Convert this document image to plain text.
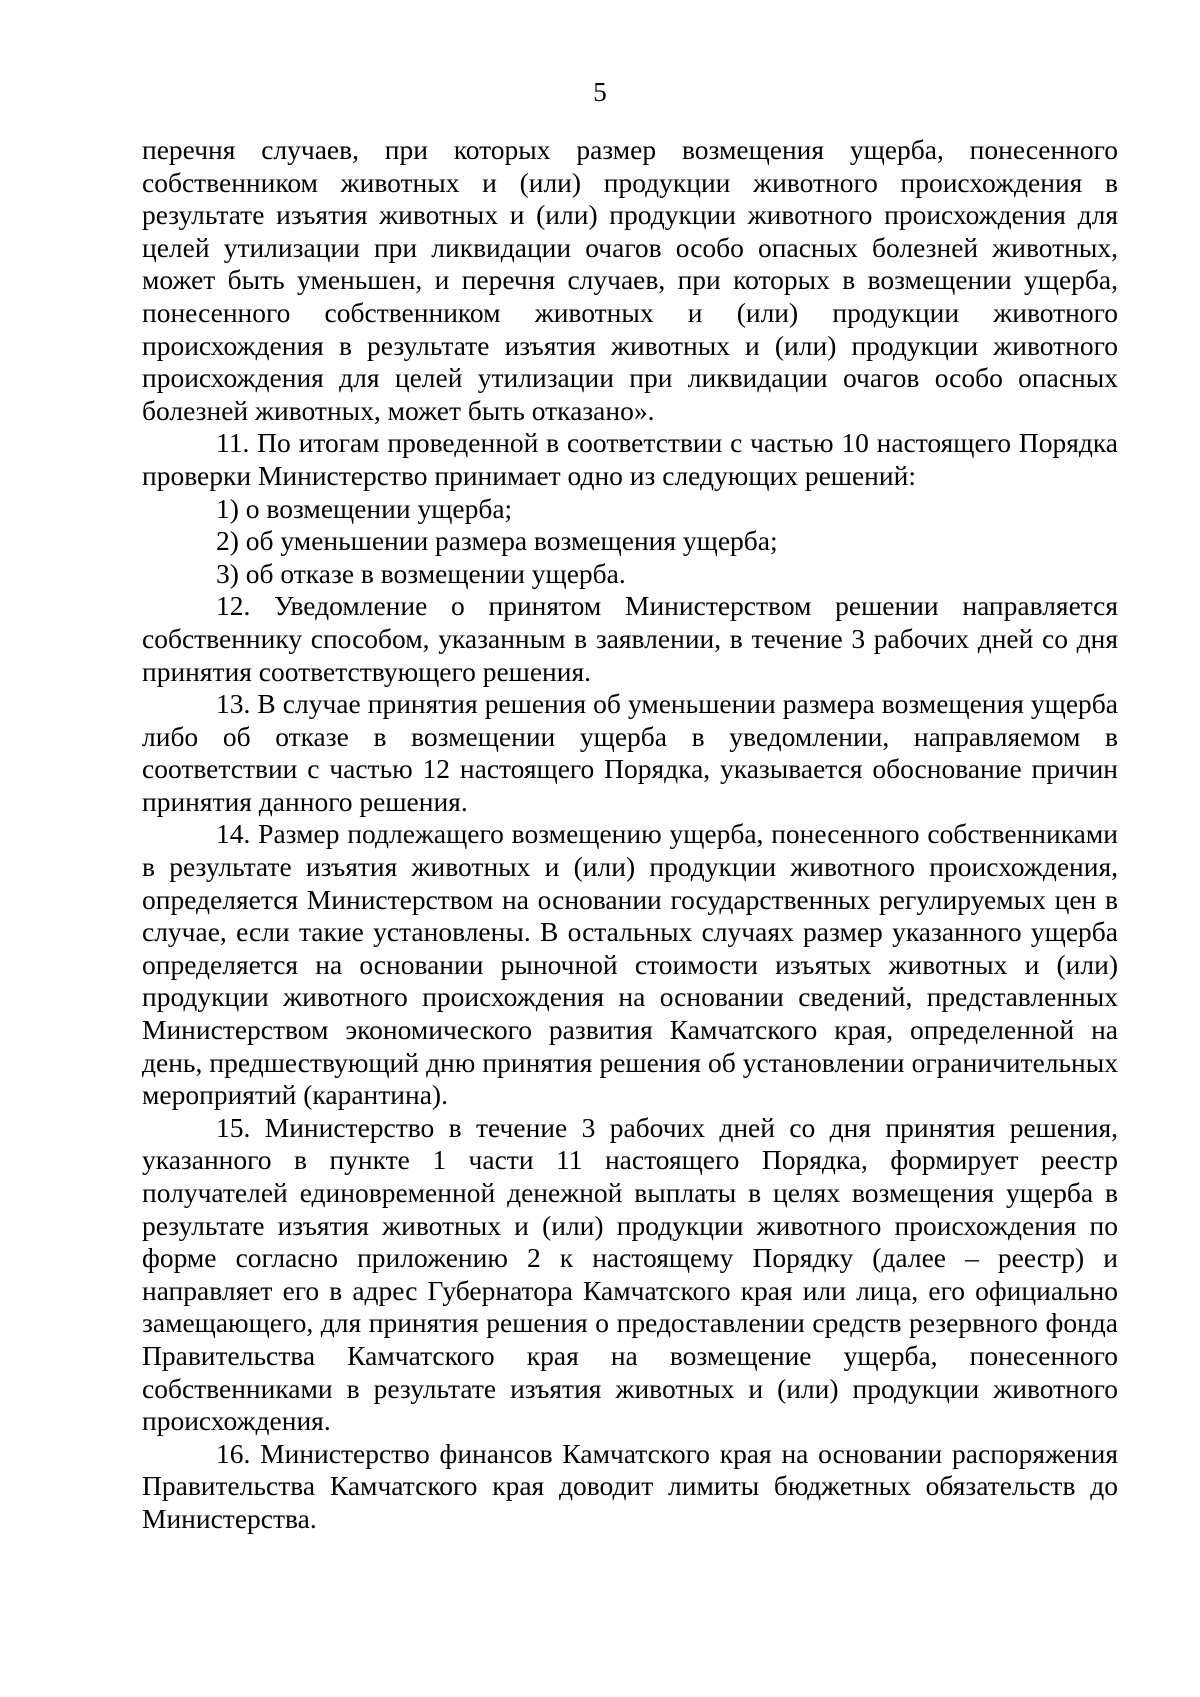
5

перечня случаев, при которых размер возмещения ущерба, понесенного собственником животных и (или) продукции животного происхождения в результате изъятия животных и (или) продукции животного происхождения для целей утилизации при ликвидации очагов особо опасных болезней животных, может быть уменьшен, и перечня случаев, при которых в возмещении ущерба, понесенного собственником животных и (или) продукции животного происхождения в результате изъятия животных и (или) продукции животного происхождения для целей утилизации при ликвидации очагов особо опасных болезней животных, может быть отказано».

11. По итогам проведенной в соответствии с частью 10 настоящего Порядка проверки Министерство принимает одно из следующих решений:

1) о возмещении ущерба;

2) об уменьшении размера возмещения ущерба;

3) об отказе в возмещении ущерба.

12. Уведомление о принятом Министерством решении направляется собственнику способом, указанным в заявлении, в течение 3 рабочих дней со дня принятия соответствующего решения.

13. В случае принятия решения об уменьшении размера возмещения ущерба либо об отказе в возмещении ущерба в уведомлении, направляемом в соответствии с частью 12 настоящего Порядка, указывается обоснование причин принятия данного решения.

14. Размер подлежащего возмещению ущерба, понесенного собственниками в результате изъятия животных и (или) продукции животного происхождения, определяется Министерством на основании государственных регулируемых цен в случае, если такие установлены. В остальных случаях размер указанного ущерба определяется на основании рыночной стоимости изъятых животных и (или) продукции животного происхождения на основании сведений, представленных Министерством экономического развития Камчатского края, определенной на день, предшествующий дню принятия решения об установлении ограничительных мероприятий (карантина).

15. Министерство в течение 3 рабочих дней со дня принятия решения, указанного в пункте 1 части 11 настоящего Порядка, формирует реестр получателей единовременной денежной выплаты в целях возмещения ущерба в результате изъятия животных и (или) продукции животного происхождения по форме согласно приложению 2 к настоящему Порядку (далее – реестр) и направляет его в адрес Губернатора Камчатского края или лица, его официально замещающего, для принятия решения о предоставлении средств резервного фонда Правительства Камчатского края на возмещение ущерба, понесенного собственниками в результате изъятия животных и (или) продукции животного происхождения.

16. Министерство финансов Камчатского края на основании распоряжения Правительства Камчатского края доводит лимиты бюджетных обязательств до Министерства.
